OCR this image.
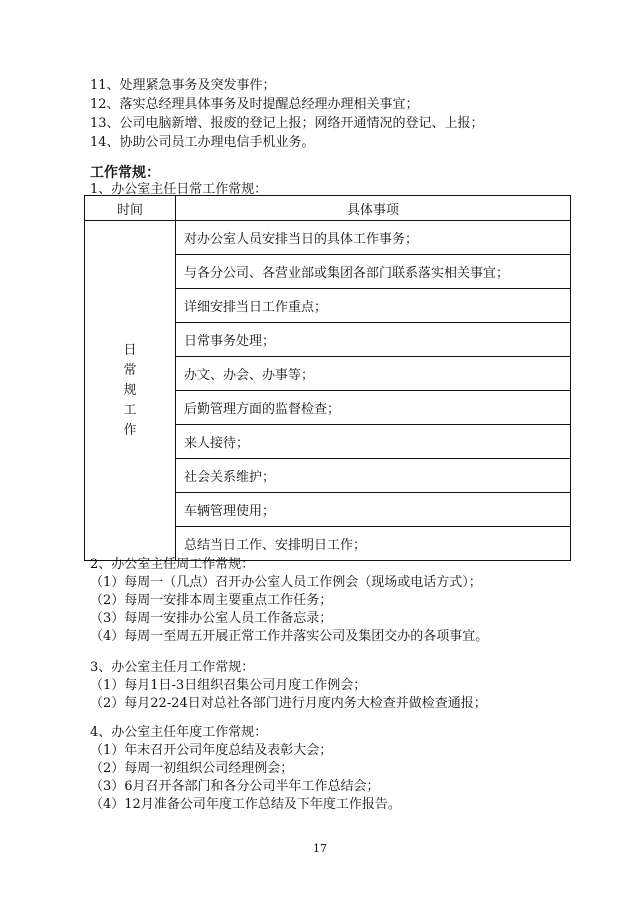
11、处理紧急事务及突发事件；
12、落实总经理具体事务及时提醒总经理办理相关事宜；
13、公司电脑新增、报废的登记上报；网络开通情况的登记、上报；
14、协助公司员工办理电信手机业务。
工作常规：
1、办公室主任日常工作常规：
时间	具体事项
日常规工作	对办公室人员安排当日的具体工作事务；
	与各分公司、各营业部或集团各部门联系落实相关事宜；
	详细安排当日工作重点；
	日常事务处理；
	办文、办会、办事等；
	后勤管理方面的监督检查；
	来人接待；
	社会关系维护；
	车辆管理使用；
	总结当日工作、安排明日工作；
2、办公室主任周工作常规：
（1）每周一（几点）召开办公室人员工作例会（现场或电话方式）；
（2）每周一安排本周主要重点工作任务；
（3）每周一安排办公室人员工作备忘录；
（4）每周一至周五开展正常工作并落实公司及集团交办的各项事宜。
3、办公室主任月工作常规：
（1）每月1日-3日组织召集公司月度工作例会；
（2）每月22-24日对总社各部门进行月度内务大检查并做检查通报；
4、办公室主任年度工作常规：
（1）年末召开公司年度总结及表彰大会；
（2）每周一初组织公司经理例会；
（3）6月召开各部门和各分公司半年工作总结会；
（4）12月准备公司年度工作总结及下年度工作报告。
17
